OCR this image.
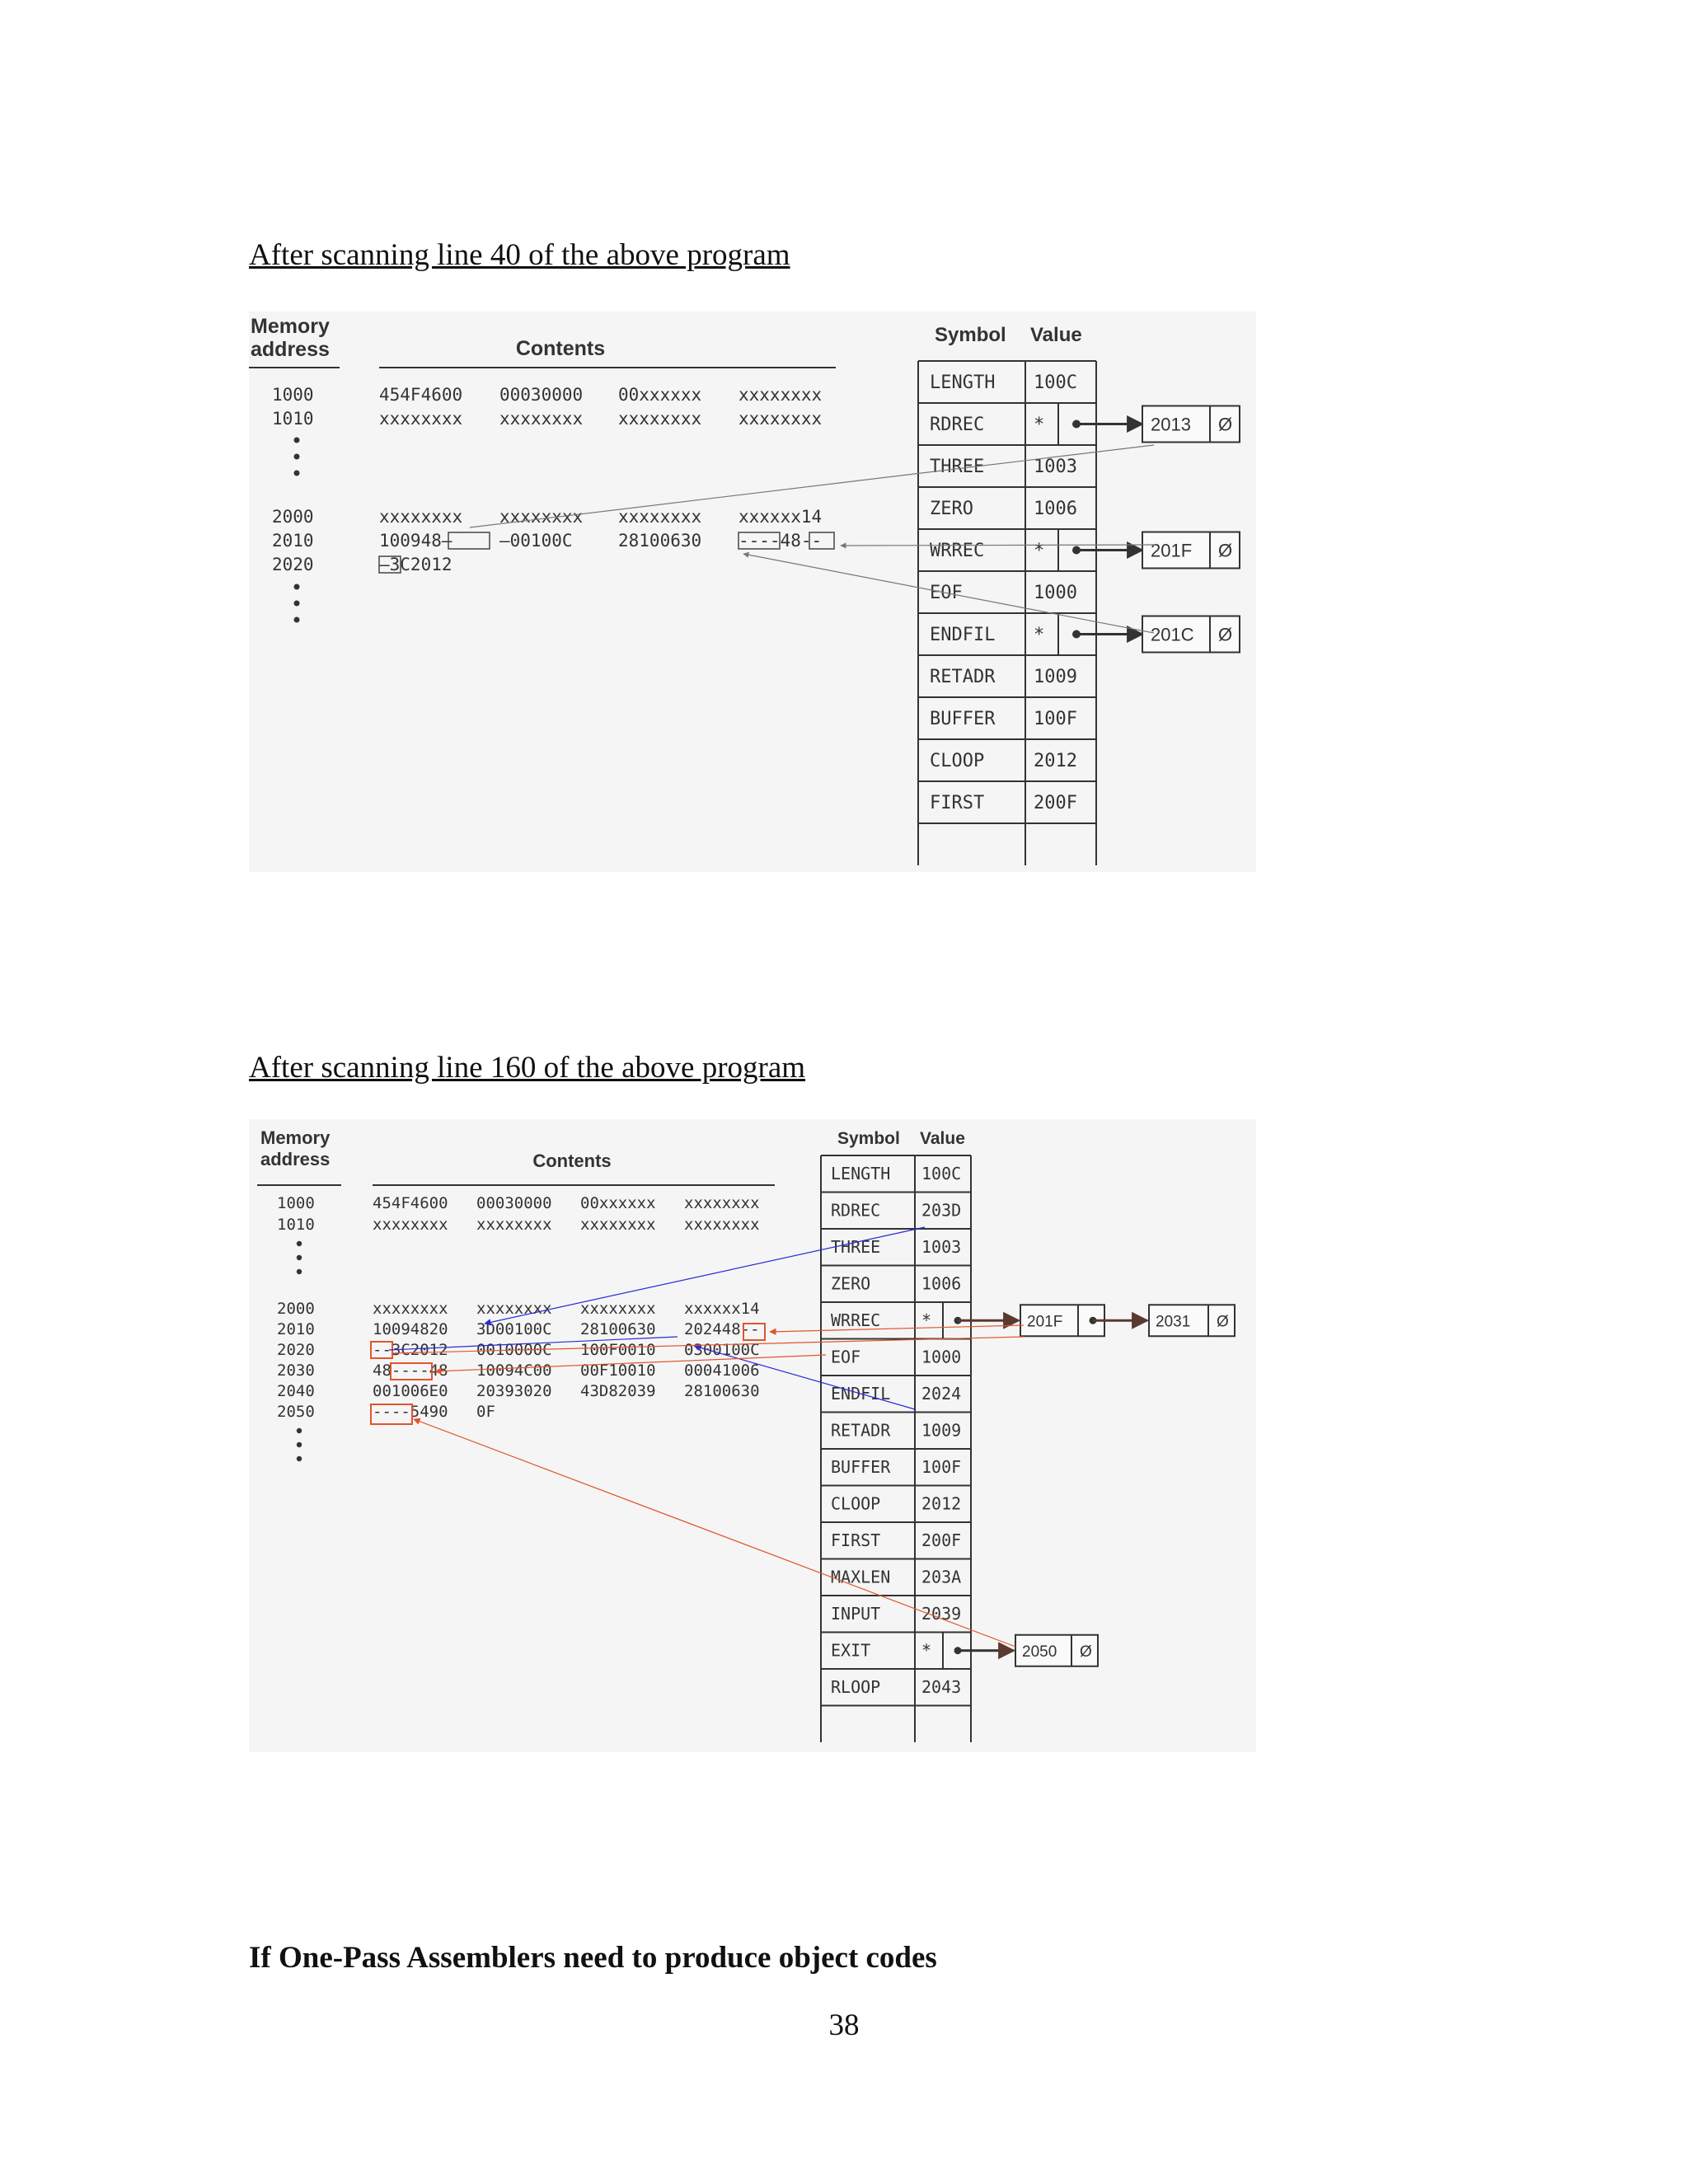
After scanning line 40 of the above program
Memory
address	Contents
1000	454F4600 00030000 00xxxxxx xxxxxxxx
1010	xxxxxxxx xxxxxxxx xxxxxxxx xxxxxxxx
2000	xxxxxxxx xxxxxxxx xxxxxxxx xxxxxx14
2010	100948—	—00100C	28100630 ----48--
2020	—3C2012
Symbol Value
LENGTH 100C
RDREC	*
THREE	1003
ZERO	1006
WRREC	*
EOF	1000
ENDFIL *
RETADR 1009
BUFFER 100F
CLOOP	2012
FIRST	200F
2013 Ø
201F Ø
201C Ø
After scanning line 160 of the above program
Memory
address	Contents
1000	454F4600 00030000 00xxxxxx xxxxxxxx
1010	xxxxxxxx xxxxxxxx xxxxxxxx xxxxxxxx
2000	xxxxxxxx xxxxxxxx xxxxxxxx xxxxxx14
2010	10094820 3D00100C 28100630 202448--
2020	--3C2012 0010000C 100F0010 0300100C
2030	48----48 10094C00 00F10010 00041006
2040	001006E0 20393020 43D82039 28100630
2050	----5490 0F
Symbol Value
LENGTH 100C
RDREC 203D
THREE 1003
ZERO	1006
WRREC *
EOF	1000
ENDFIL 2024
RETADR 1009
BUFFER 100F
CLOOP 2012
FIRST 200F
MAXLEN 203A
INPUT 2039
EXIT	*
RLOOP 2043
201F	2031 Ø
2050 Ø
If One-Pass Assemblers need to produce object codes
38
